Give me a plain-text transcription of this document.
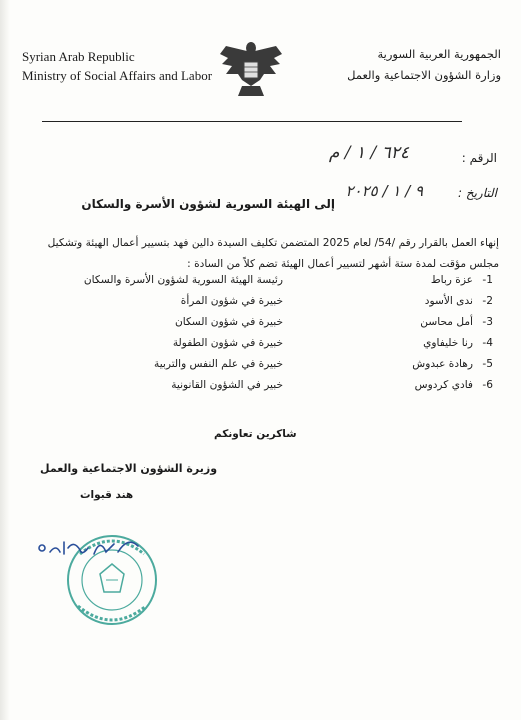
Syrian Arab Republic
Ministry of Social Affairs and Labor
الجمهورية العربية السورية
وزارة الشؤون الاجتماعية والعمل
الرقم :
٦٢٤ / ١ / م
التاريخ :
٩ / ١ / ٢٠٢٥
إلى الهيئة السورية لشؤون الأسرة والسكان
إنهاء العمل بالقرار رقم /54/ لعام 2025 المتضمن تكليف السيدة دالين فهد بتسيير أعمال الهيئة وتشكيل مجلس مؤقت لمدة ستة أشهر لتسيير أعمال الهيئة تضم كلاً من السادة :
1-
عزة رباط
رئيسة الهيئة السورية لشؤون الأسرة والسكان
2-
ندى الأسود
خبيرة في شؤون المرأة
3-
أمل محاسن
خبيرة في شؤون السكان
4-
رنا خليفاوي
خبيرة في شؤون الطفولة
5-
رهادة عبدوش
خبيرة في علم النفس والتربية
6-
فادي كردوس
خبير في الشؤون القانونية
شاكرين تعاونكم
وزيرة الشؤون الاجتماعية والعمل
هند قبوات
